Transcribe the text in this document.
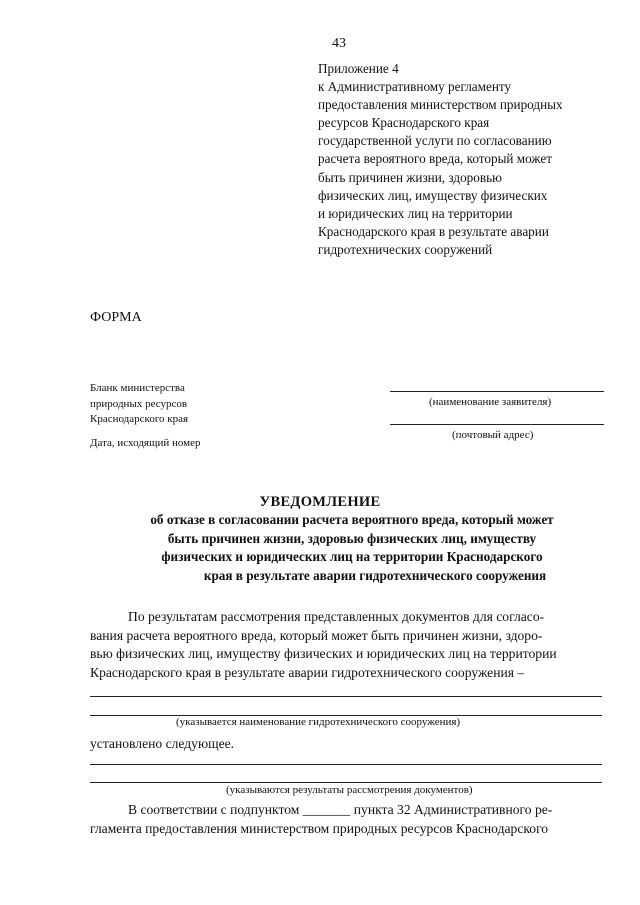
43
Приложение 4
к Административному регламенту
предоставления министерством природных
ресурсов Краснодарского края
государственной услуги по согласованию
расчета вероятного вреда, который может
быть причинен жизни, здоровью
физических лиц, имуществу физических
и юридических лиц на территории
Краснодарского края в результате аварии
гидротехнических сооружений
ФОРМА
Бланк министерства
природных ресурсов
Краснодарского края
Дата, исходящий номер
(наименование заявителя)
(почтовый адрес)
УВЕДОМЛЕНИЕ
об отказе в согласовании расчета вероятного вреда, который может
быть причинен жизни, здоровью физических лиц, имуществу
физических и юридических лиц на территории Краснодарского
края в результате аварии гидротехнического сооружения
По результатам рассмотрения представленных документов для согласо-
вания расчета вероятного вреда, который может быть причинен жизни, здоро-
вью физических лиц, имуществу физических и юридических лиц на территории
Краснодарского края в результате аварии гидротехнического сооружения –
(указывается наименование гидротехнического сооружения)
установлено следующее.
(указываются результаты рассмотрения документов)
В соответствии с подпунктом _______ пункта 32 Административного ре-
гламента предоставления министерством природных ресурсов Краснодарского
